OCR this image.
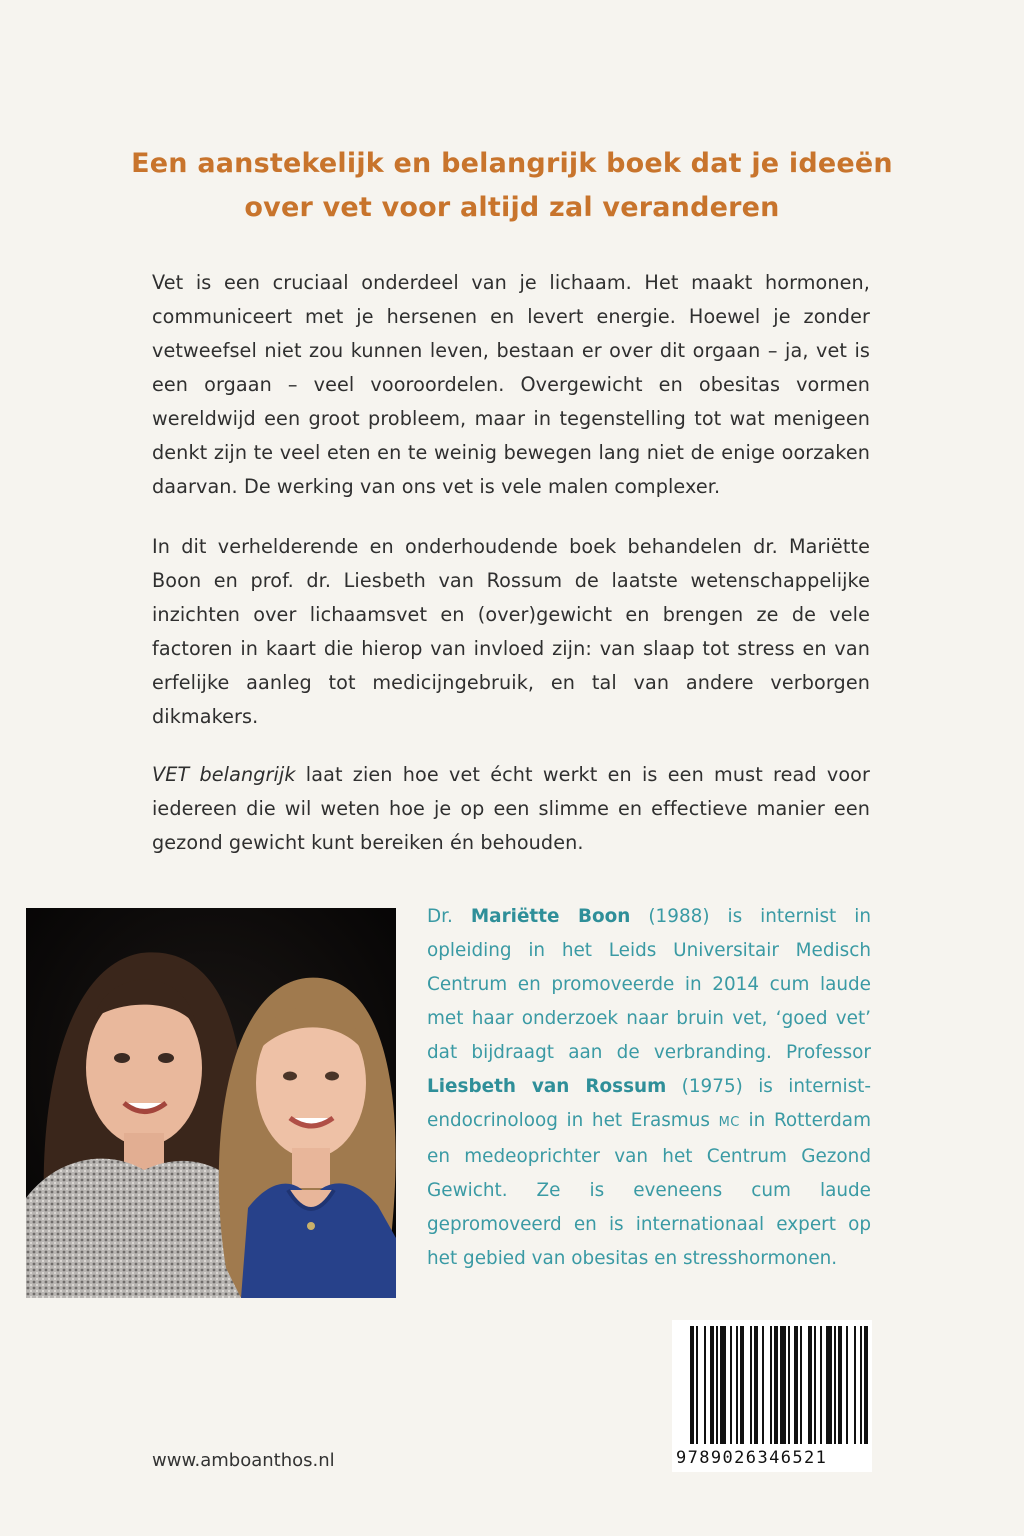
Een aanstekelijk en belangrijk boek dat je ideeën
over vet voor altijd zal veranderen
Vet is een cruciaal onderdeel van je lichaam. Het maakt hormonen, communiceert met je hersenen en levert energie. Hoewel je zonder vetweefsel niet zou kunnen leven, bestaan er over dit orgaan – ja, vet is een orgaan – veel vooroordelen. Overgewicht en obesitas vormen wereldwijd een groot probleem, maar in tegenstelling tot wat menigeen denkt zijn te veel eten en te weinig bewegen lang niet de enige oorzaken daarvan. De werking van ons vet is vele malen complexer.
In dit verhelderende en onderhoudende boek behandelen dr. Mariëtte Boon en prof. dr. Liesbeth van Rossum de laatste wetenschappelijke inzichten over lichaamsvet en (over)gewicht en brengen ze de vele factoren in kaart die hierop van invloed zijn: van slaap tot stress en van erfelijke aanleg tot medicijngebruik, en tal van andere verborgen dikmakers.
VET belangrijk laat zien hoe vet écht werkt en is een must read voor iedereen die wil weten hoe je op een slimme en effectieve manier een gezond gewicht kunt bereiken én behouden.
Dr. Mariëtte Boon (1988) is internist in opleiding in het Leids Universitair Medisch Centrum en promoveerde in 2014 cum laude met haar onderzoek naar bruin vet, ‘goed vet’ dat bijdraagt aan de verbranding. Professor Liesbeth van Rossum (1975) is internist-endocrinoloog in het Erasmus MC in Rotterdam en medeoprichter van het Centrum Gezond Gewicht. Ze is eveneens cum laude gepromoveerd en is internationaal expert op het gebied van obesitas en stresshormonen.
www.amboanthos.nl	9789026346521
